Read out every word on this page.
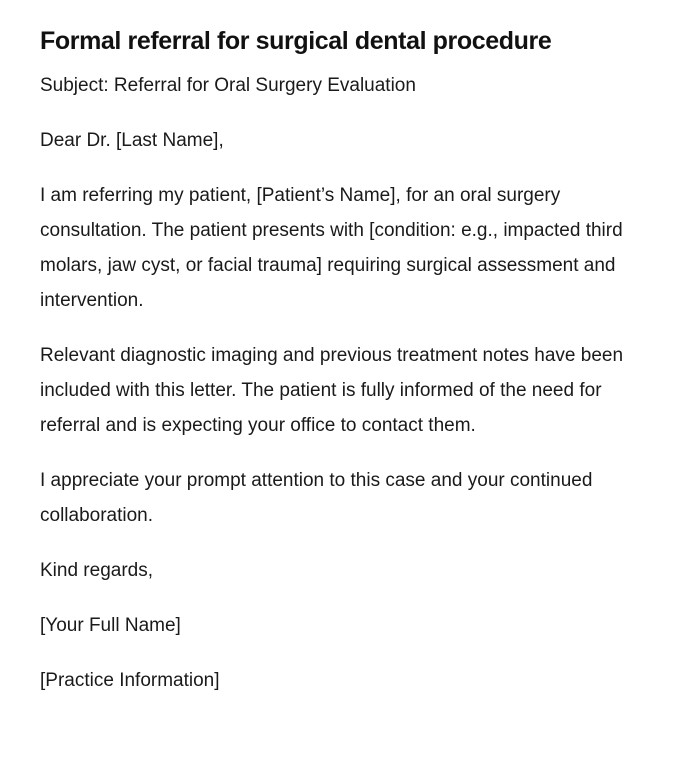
Formal referral for surgical dental procedure

Subject: Referral for Oral Surgery Evaluation

Dear Dr. [Last Name],

I am referring my patient, [Patient’s Name], for an oral surgery consultation. The patient presents with [condition: e.g., impacted third molars, jaw cyst, or facial trauma] requiring surgical assessment and intervention.

Relevant diagnostic imaging and previous treatment notes have been included with this letter. The patient is fully informed of the need for referral and is expecting your office to contact them.

I appreciate your prompt attention to this case and your continued collaboration.

Kind regards,

[Your Full Name]

[Practice Information]
